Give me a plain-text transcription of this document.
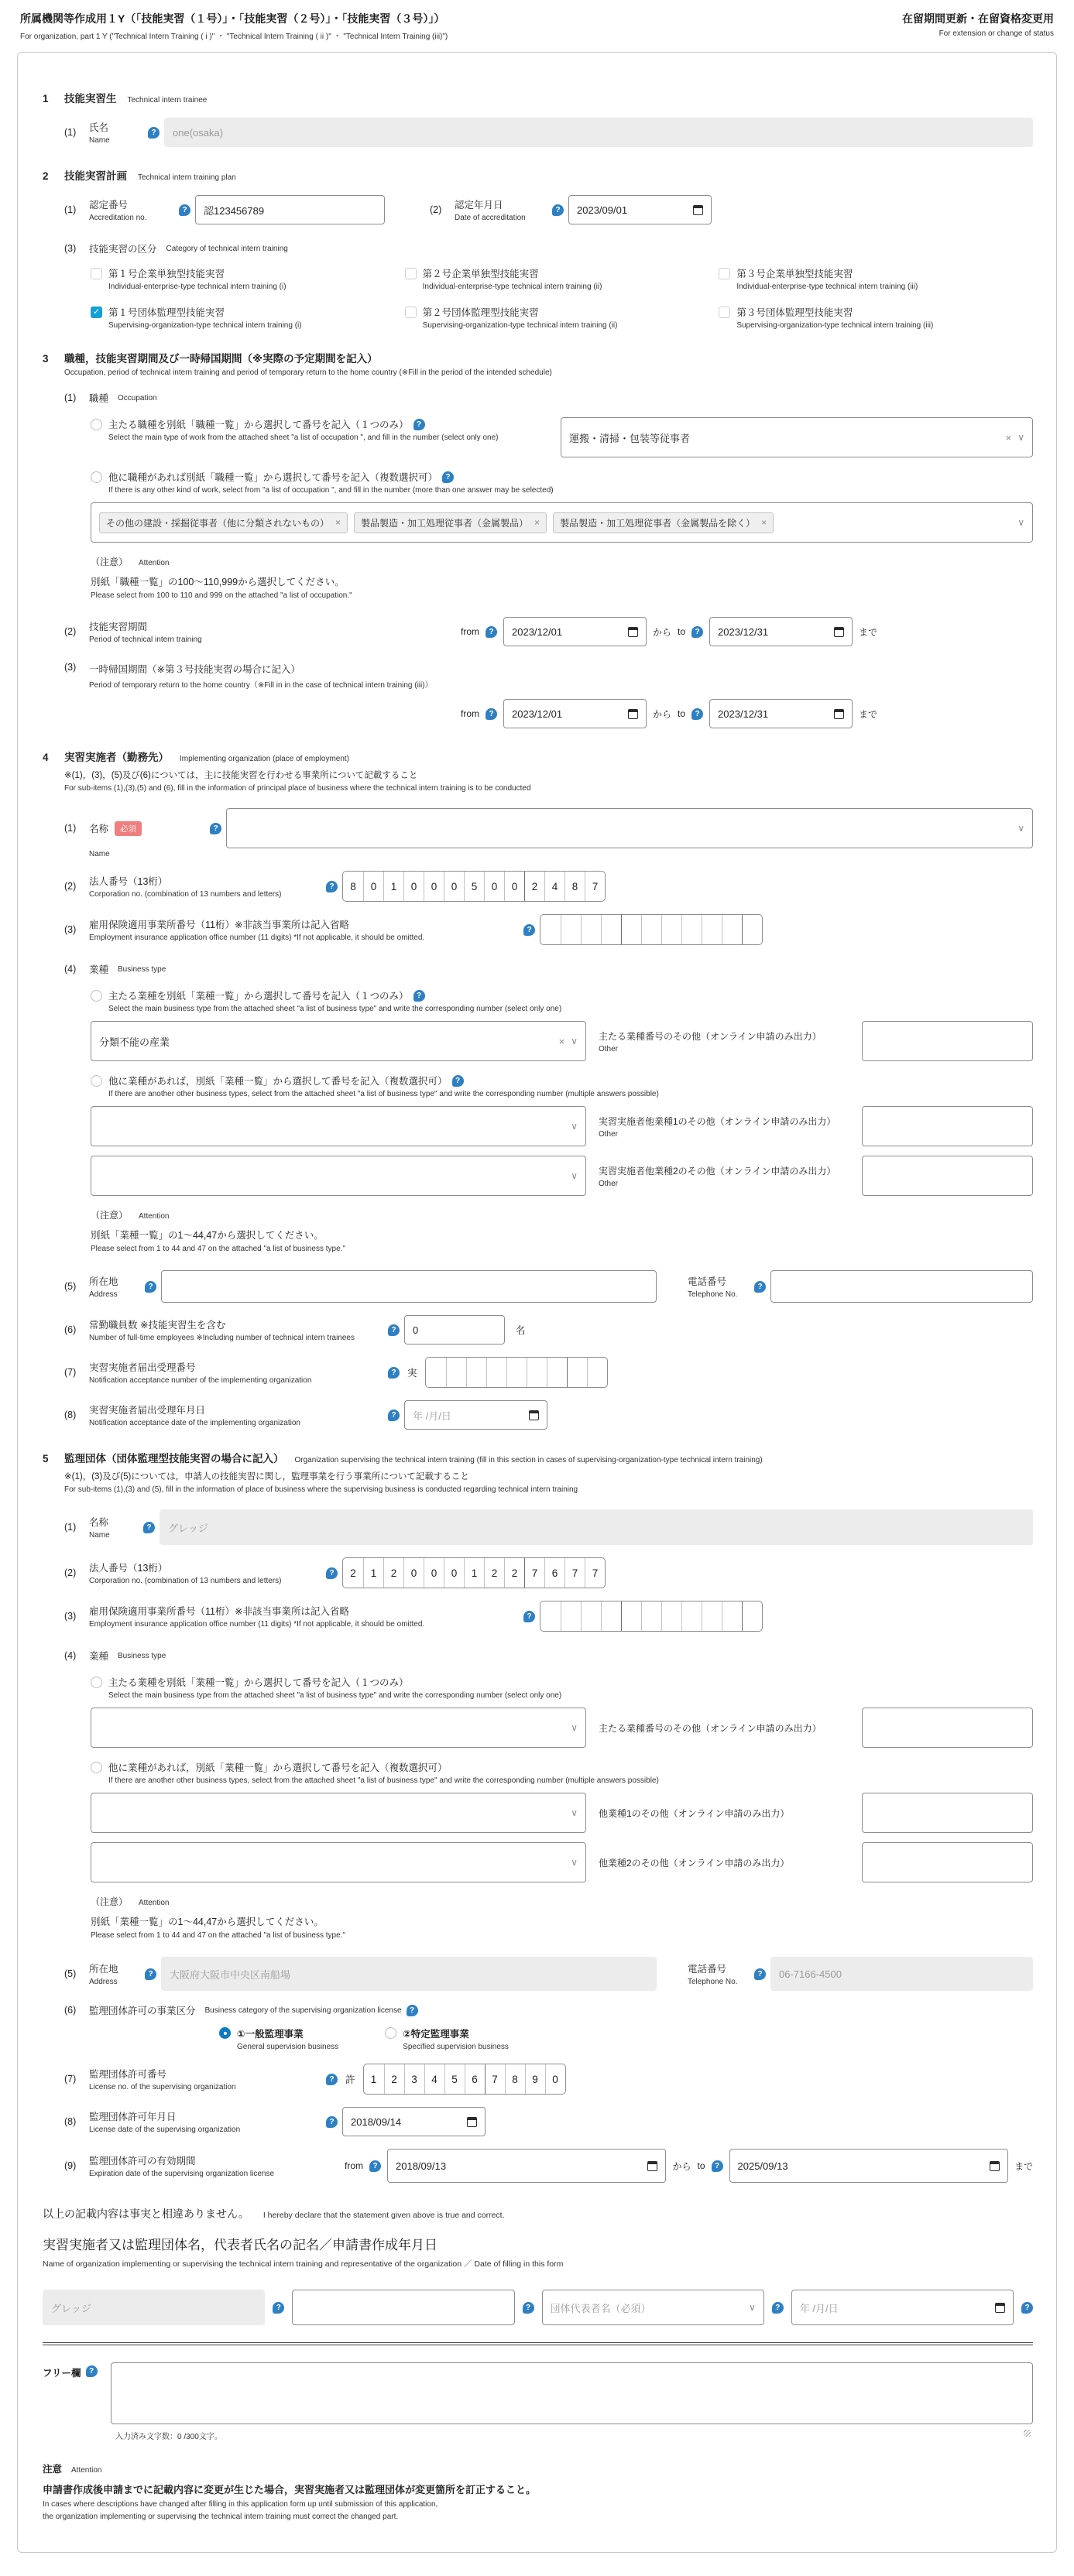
所属機関等作成用１Y（「技能実習（１号）」・「技能実習（２号）」・「技能実習（３号）」）
For organization, part 1 Y ("Technical Intern Training ( i )" ・ "Technical Intern Training ( ii )" ・ "Technical Intern Training (iii)")
在留期間更新・在留資格変更用
For extension or change of status
1	技能実習生 Technical intern trainee
(1)	氏名
Name
?	one(osaka)
2	技能実習計画 Technical intern training plan
(1)	認定番号
Accreditation no.
?	認123456789	(2)	認定年月日
Date of accreditation
?	2023/09/01
(3)	技能実習の区分 Category of technical intern training
第１号企業単独型技能実習
Individual-enterprise-type technical intern training (i)
第２号企業単独型技能実習
Individual-enterprise-type technical intern training (ii)
第３号企業単独型技能実習
Individual-enterprise-type technical intern training (iii)
✓
第１号団体監理型技能実習
Supervising-organization-type technical intern training (i)
第２号団体監理型技能実習
Supervising-organization-type technical intern training (ii)
第３号団体監理型技能実習
Supervising-organization-type technical intern training (iii)
3	職種，技能実習期間及び一時帰国期間（※実際の予定期間を記入）
Occupation, period of technical intern training and period of temporary return to the home country (※Fill in the period of the intended schedule)
(1)	職種 Occupation
主たる職種を別紙「職種一覧」から選択して番号を記入（１つのみ）	?
Select the main type of work from the attached sheet "a list of occupation ", and fill in the number (select only one)	運搬・清掃・包装等従事者	× ∨
他に職種があれば別紙「職種一覧」から選択して番号を記入（複数選択可）	?
If there is any other kind of work, select from "a list of occupation ", and fill in the number (more than one answer may be selected)
その他の建設・採掘従事者（他に分類されないもの） × 製品製造・加工処理従事者（金属製品） × 製品製造・加工処理従事者（金属製品を除く） ×	∨
（注意） Attention
別紙「職種一覧」の100～110,999から選択してください。
Please select from 100 to 110 and 999 on the attached "a list of occupation."
(2)	技能実習期間
Period of technical intern training
from	?	2023/12/01	から to	?	2023/12/31	まで
(3)	一時帰国期間（※第３号技能実習の場合に記入）
Period of temporary return to the home country（※Fill in in the case of technical intern training (iii)）
from	?	2023/12/01	から to	?	2023/12/31	まで
4	実習実施者（勤務先） Implementing organization (place of employment)
※(1)，(3)，(5)及び(6)については，主に技能実習を行わせる事業所について記載すること
For sub-items (1),(3),(5) and (6), fill in the information of principal place of business where the technical intern training is to be conducted
(1)	名称	必須	?	∨
Name
(2)	法人番号（13桁）
Corporation no. (combination of 13 numbers and letters)
?	8	0	1	0	0	0	5	0	0	2	4	8	7
(3)	雇用保険適用事業所番号（11桁）※非該当事業所は記入省略
Employment insurance application office number (11 digits) *If not applicable, it should be omitted.
?
(4)	業種 Business type
主たる業種を別紙「業種一覧」から選択して番号を記入（１つのみ）	?
Select the main business type from the attached sheet "a list of business type" and write the corresponding number (select only one)
分類不能の産業	× ∨ 主たる業種番号のその他（オンライン申請のみ出力）
Other
他に業種があれば，別紙「業種一覧」から選択して番号を記入（複数選択可）	?
If there are another other business types, select from the attached sheet "a list of business type" and write the corresponding number (multiple answers possible)
∨ 実習実施者他業種1のその他（オンライン申請のみ出力）
Other
∨ 実習実施者他業種2のその他（オンライン申請のみ出力）
Other
（注意） Attention
別紙「業種一覧」の1～44,47から選択してください。
Please select from 1 to 44 and 47 on the attached "a list of business type."
(5)	所在地
Address
?	電話番号
Telephone No.
?
(6)	常勤職員数 ※技能実習生を含む
Number of full-time employees ※Including number of technical intern trainees
?	0	名
(7)	実習実施者届出受理番号
Notification acceptance number of the implementing organization
?	実
(8)	実習実施者届出受理年月日
Notification acceptance date of the implementing organization
?	年 /月/日
5	監理団体（団体監理型技能実習の場合に記入） Organization supervising the technical intern training (fill in this section in cases of supervising-organization-type technical intern training)
※(1)，(3)及び(5)については，申請人の技能実習に関し，監理事業を行う事業所について記載すること
For sub-items (1),(3) and (5), fill in the information of place of business where the supervising business is conducted regarding technical intern training
(1)	名称
Name
?	グレッジ
(2)	法人番号（13桁）
Corporation no. (combination of 13 numbers and letters)
?	2	1	2	0	0	0	1	2	2	7	6	7	7
(3)	雇用保険適用事業所番号（11桁）※非該当事業所は記入省略
Employment insurance application office number (11 digits) *If not applicable, it should be omitted.
?
(4)	業種 Business type
主たる業種を別紙「業種一覧」から選択して番号を記入（１つのみ）
Select the main business type from the attached sheet "a list of business type" and write the corresponding number (select only one)
∨ 主たる業種番号のその他（オンライン申請のみ出力）
他に業種があれば，別紙「業種一覧」から選択して番号を記入（複数選択可）
If there are another other business types, select from the attached sheet "a list of business type" and write the corresponding number (multiple answers possible)
∨ 他業種1のその他（オンライン申請のみ出力）
∨ 他業種2のその他（オンライン申請のみ出力）
（注意） Attention
別紙「業種一覧」の1～44,47から選択してください。
Please select from 1 to 44 and 47 on the attached "a list of business type."
(5)	所在地
Address
?	大阪府大阪市中央区南船場	電話番号
Telephone No.
?	06-7166-4500
(6)	監理団体許可の事業区分 Business category of the supervising organization license	?
①一般監理事業
General supervision business
②特定監理事業
Specified supervision business
(7)	監理団体許可番号
License no. of the supervising organization
?	許	1	2	3	4	5	6	7	8	9	0
(8)	監理団体許可年月日
License date of the supervising organization
?	2018/09/14
(9)	監理団体許可の有効期間
Expiration date of the supervising organization license
from	?	2018/09/13	から to	?	2025/09/13	まで
以上の記載内容は事実と相違ありません。 I hereby declare that the statement given above is true and correct.
実習実施者又は監理団体名，代表者氏名の記名／申請書作成年月日
Name of organization implementing or supervising the technical intern training and representative of the organization ／ Date of filling in this form
グレッジ	?	?	団体代表者名（必須）	∨	?	年 /月/日	?
フリー欄	?
入力済み文字数：0 /300文字。
注意 Attention
申請書作成後申請までに記載内容に変更が生じた場合，実習実施者又は監理団体が変更箇所を訂正すること。
In cases where descriptions have changed after filling in this application form up until submission of this application,
the organization implementing or supervising the technical intern training must correct the changed part.
